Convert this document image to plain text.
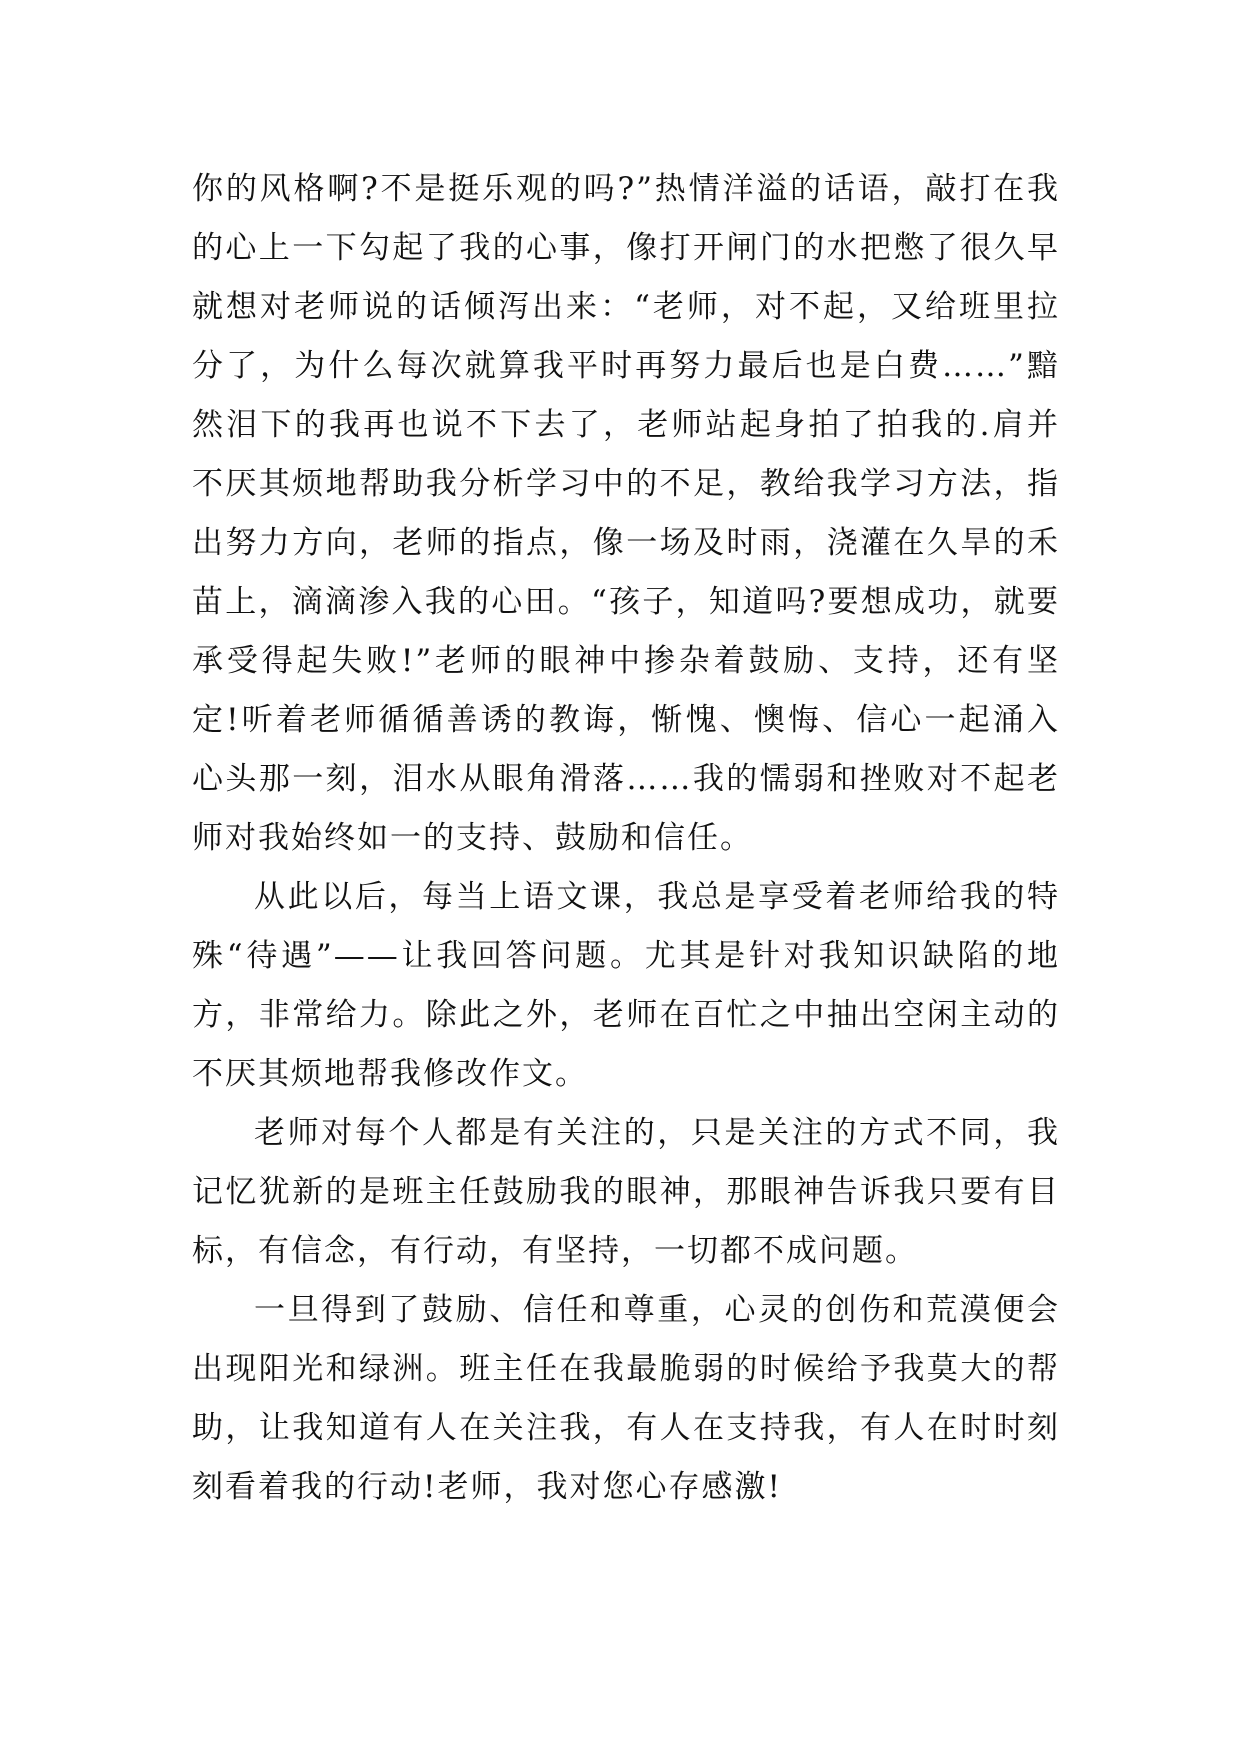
你的风格啊?不是挺乐观的吗?”热情洋溢的话语，敲打在我
的心上一下勾起了我的心事，像打开闸门的水把憋了很久早
就想对老师说的话倾泻出来：“老师，对不起，又给班里拉
分了，为什么每次就算我平时再努力最后也是白费……”黯
然泪下的我再也说不下去了，老师站起身拍了拍我的.肩并
不厌其烦地帮助我分析学习中的不足，教给我学习方法，指
出努力方向，老师的指点，像一场及时雨，浇灌在久旱的禾
苗上，滴滴渗入我的心田。“孩子，知道吗?要想成功，就要
承受得起失败!”老师的眼神中掺杂着鼓励、支持，还有坚
定!听着老师循循善诱的教诲，惭愧、懊悔、信心一起涌入
心头那一刻，泪水从眼角滑落……我的懦弱和挫败对不起老
师对我始终如一的支持、鼓励和信任。

从此以后，每当上语文课，我总是享受着老师给我的特
殊“待遇”——让我回答问题。尤其是针对我知识缺陷的地
方，非常给力。除此之外，老师在百忙之中抽出空闲主动的
不厌其烦地帮我修改作文。

老师对每个人都是有关注的，只是关注的方式不同，我
记忆犹新的是班主任鼓励我的眼神，那眼神告诉我只要有目
标，有信念，有行动，有坚持，一切都不成问题。

一旦得到了鼓励、信任和尊重，心灵的创伤和荒漠便会
出现阳光和绿洲。班主任在我最脆弱的时候给予我莫大的帮
助，让我知道有人在关注我，有人在支持我，有人在时时刻
刻看着我的行动!老师，我对您心存感激!
